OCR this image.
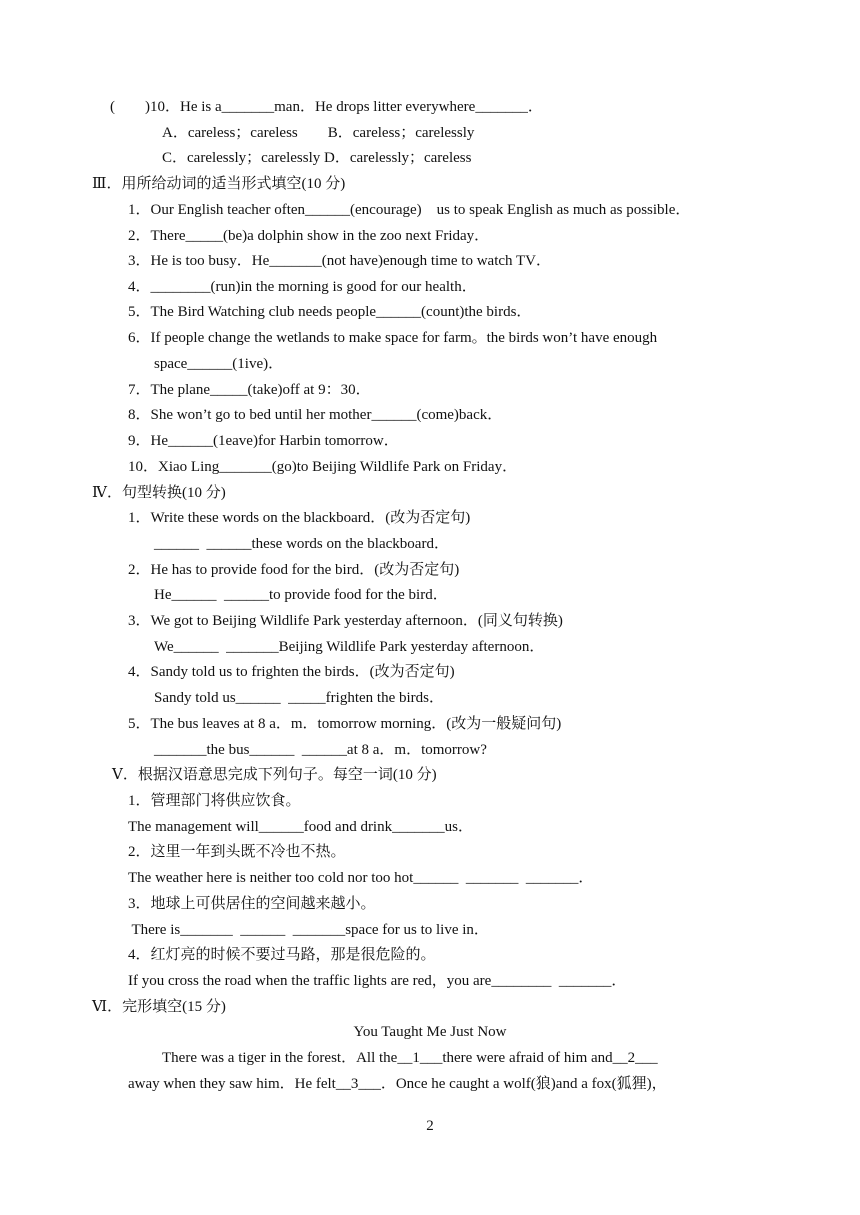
(        )10．He is a_______man．He drops litter everywhere_______．
A．careless；careless        B．careless；carelessly
C．carelessly；carelessly D．carelessly；careless
Ⅲ．用所给动词的适当形式填空(10 分)
1．Our English teacher often______(encourage)    us to speak English as much as possible．
2．There_____(be)a dolphin show in the zoo next Friday．
3．He is too busy．He_______(not have)enough time to watch TV．
4．________(run)in the morning is good for our health．
5．The Bird Watching club needs people______(count)the birds．
6．If people change the wetlands to make space for farm。the birds won’t have enough
space______(1ive)．
7．The plane_____(take)off at 9：30．
8．She won’t go to bed until her mother______(come)back．
9．He______(1eave)for Harbin tomorrow．
10．Xiao Ling_______(go)to Beijing Wildlife Park on Friday．
Ⅳ．句型转换(10 分)
1．Write these words on the blackboard．(改为否定句)
______  ______these words on the blackboard．
2．He has to provide food for the bird．(改为否定句)
He______  ______to provide food for the bird．
3．We got to Beijing Wildlife Park yesterday afternoon．(同义句转换)
We______  _______Beijing Wildlife Park yesterday afternoon．
4．Sandy told us to frighten the birds．(改为否定句)
Sandy told us______  _____frighten the birds．
5．The bus leaves at 8 a．m．tomorrow morning．(改为一般疑问句)
_______the bus______  ______at 8 a．m．tomorrow?
Ⅴ．根据汉语意思完成下列句子。每空一词(10 分)
1．管理部门将供应饮食。
The management will______food and drink_______us．
2．这里一年到头既不冷也不热。
The weather here is neither too cold nor too hot______  _______  _______．
3．地球上可供居住的空间越来越小。
There is_______  ______  _______space for us to live in．
4．红灯亮的时候不要过马路，那是很危险的。
If you cross the road when the traffic lights are red，you are________  _______．
Ⅵ．完形填空(15 分)
You Taught Me Just Now
There was a tiger in the forest．All the__1___there were afraid of him and__2___
away when they saw him．He felt__3___．Once he caught a wolf(狼)and a fox(狐狸)，
2
